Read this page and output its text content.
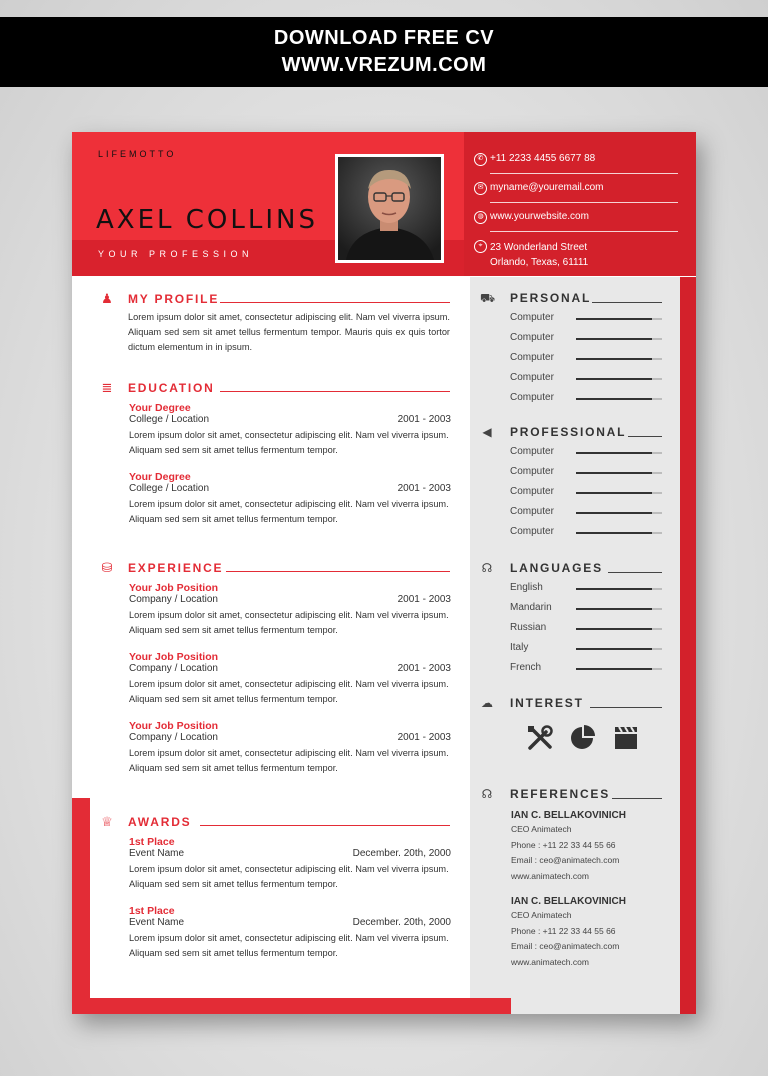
DOWNLOAD FREE CV
WWW.VREZUM.COM
LIFEMOTTO
AXEL COLLINS
YOUR PROFESSION
✆ +11 2233 4455 6677 88
✉ myname@youremail.com
◍ www.yourwebsite.com
⌖ 23 Wonderland Street
Orlando, Texas, 61111
♟ MY PROFILE
Lorem ipsum dolor sit amet, consectetur adipiscing elit. Nam vel viverra ipsum. Aliquam sed sem sit amet tellus fermentum tempor. Mauris quis ex quis tortor dictum elementum in in ipsum.
≣ EDUCATION
Your Degree
College / Location	2001 - 2003
Lorem ipsum dolor sit amet, consectetur adipiscing elit. Nam vel viverra ipsum. Aliquam sed sem sit amet tellus fermentum tempor.
Your Degree
College / Location	2001 - 2003
Lorem ipsum dolor sit amet, consectetur adipiscing elit. Nam vel viverra ipsum. Aliquam sed sem sit amet tellus fermentum tempor.
⛁ EXPERIENCE
Your Job Position
Company / Location	2001 - 2003
Lorem ipsum dolor sit amet, consectetur adipiscing elit. Nam vel viverra ipsum. Aliquam sed sem sit amet tellus fermentum tempor.
Your Job Position
Company / Location	2001 - 2003
Lorem ipsum dolor sit amet, consectetur adipiscing elit. Nam vel viverra ipsum. Aliquam sed sem sit amet tellus fermentum tempor.
Your Job Position
Company / Location	2001 - 2003
Lorem ipsum dolor sit amet, consectetur adipiscing elit. Nam vel viverra ipsum. Aliquam sed sem sit amet tellus fermentum tempor.
♕ AWARDS
1st Place
Event Name	December. 20th, 2000
Lorem ipsum dolor sit amet, consectetur adipiscing elit. Nam vel viverra ipsum. Aliquam sed sem sit amet tellus fermentum tempor.
1st Place
Event Name	December. 20th, 2000
Lorem ipsum dolor sit amet, consectetur adipiscing elit. Nam vel viverra ipsum. Aliquam sed sem sit amet tellus fermentum tempor.
⛟ PERSONAL
Computer
Computer
Computer
Computer
Computer
◀ PROFESSIONAL
Computer
Computer
Computer
Computer
Computer
☊ LANGUAGES
English
Mandarin
Russian
Italy
French
☁ INTEREST
☊ REFERENCES
IAN C. BELLAKOVINICH
CEO Animatech
Phone : +11 22 33 44 55 66
Email : ceo@animatech.com
www.animatech.com
IAN C. BELLAKOVINICH
CEO Animatech
Phone : +11 22 33 44 55 66
Email : ceo@animatech.com
www.animatech.com
